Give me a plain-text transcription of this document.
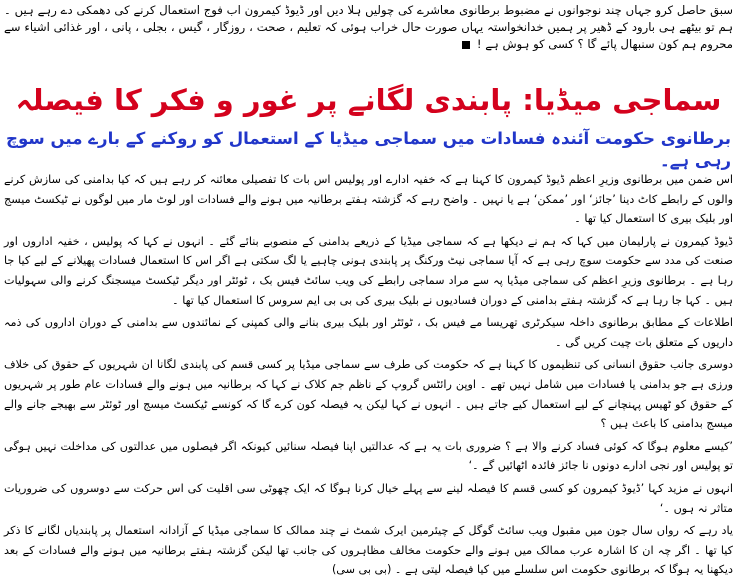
سبق حاصل کرو جہاں چند نوجوانوں نے مضبوط برطانوی معاشرے کی چولیں ہلا دیں اور ڈیوڈ کیمرون اب فوج استعمال کرنے کی دھمکی دے رہے ہیں ۔ ہم تو بیٹھے ہی بارود کے ڈھیر پر ہمیں خدانخواستہ یہاں صورت حال خراب ہوئی کہ تعلیم ، صحت ، روزگار ، گیس ، بجلی ، پانی ، اور غذائی اشیاء سے محروم ہم کون سنبھال پائے گا ؟ کسی کو ہوش ہے !
سماجی میڈیا: پابندی لگانے پر غور و فکر کا فیصلہ
برطانوی حکومت آئندہ فسادات میں سماجی میڈیا کے استعمال کو روکنے کے بارے میں سوچ رہی ہے۔

اس ضمن میں برطانوی وزیرِ اعظم ڈیوڈ کیمرون کا کہنا ہے کہ خفیہ ادارے اور پولیس اس بات کا تفصیلی معائنہ کر رہے ہیں کہ کیا بدامنی کی سازش کرنے والوں کے رابطے کاٹ دینا ’جائز‘ اور ’ممکن‘ ہے یا نہیں ۔ واضح رہے کہ گزشتہ ہفتے برطانیہ میں ہونے والے فسادات اور لوٹ مار میں لوگوں نے ٹیکسٹ میسج اور بلیک بیری کا استعمال کیا تھا ۔

ڈیوڈ کیمرون نے پارلیمان میں کہا کہ ہم نے دیکھا ہے کہ سماجی میڈیا کے ذریعے بدامنی کے منصوبے بنائے گئے ۔ انہوں نے کہا کہ پولیس ، خفیہ اداروں اور صنعت کی مدد سے حکومت سوچ رہی ہے کہ آیا سماجی نیٹ ورکنگ پر پابندی ہونی چاہیے یا لگ سکتی ہے اگر اس کا استعمال فسادات پھیلانے کے لیے کیا جا رہا ہے ۔ برطانوی وزیرِ اعظم کی سماجی میڈیا پہ سے مراد سماجی رابطے کی ویب سائٹ فیس بک ، ٹوئٹر اور دیگر ٹیکسٹ میسجنگ کرنے والی سہولیات ہیں ۔ کہا جا رہا ہے کہ گزشتہ ہفتے بدامنی کے دوران فسادیوں نے بلیک بیری کی بی بی ایم سروس کا استعمال کیا تھا ۔

اطلاعات کے مطابق برطانوی داخلہ سیکرٹری تھریسا مے فیس بک ، ٹوئٹر اور بلیک بیری بنانے والی کمپنی کے نمائندوں سے بدامنی کے دوران اداروں کی ذمہ داریوں کے متعلق بات چیت کریں گی ۔

دوسری جانب حقوق انسانی کی تنظیموں کا کہنا ہے کہ حکومت کی طرف سے سماجی میڈیا پر کسی قسم کی پابندی لگانا ان شہریوں کے حقوق کی خلاف ورزی ہے جو بدامنی یا فسادات میں شامل نہیں تھے ۔ اوپن رائٹس گروپ کے ناظم جم کلاک نے کہا کہ برطانیہ میں ہونے والے فسادات عام طور پر شہریوں کے حقوق کو ٹھیس پہنچانے کے لیے استعمال کیے جاتے ہیں ۔ انہوں نے کہا لیکن یہ فیصلہ کون کرے گا کہ کونسے ٹیکسٹ میسج اور ٹوئٹر سے بھیجے جانے والے میسج بدامنی کا باعث ہیں ؟

’کیسے معلوم ہوگا کہ کوئی فساد کرنے والا ہے ؟ ضروری بات یہ ہے کہ عدالتیں اپنا فیصلہ سنائیں کیونکہ اگر فیصلوں میں عدالتوں کی مداخلت نہیں ہوگی تو پولیس اور نجی ادارے دونوں نا جائز فائدہ اٹھائیں گے ۔‘

انہوں نے مزید کہا ’ڈیوڈ کیمرون کو کسی قسم کا فیصلہ لینے سے پہلے خیال کرنا ہوگا کہ ایک چھوٹی سی اقلیت کی اس حرکت سے دوسروں کی ضروریات متاثر نہ ہوں ۔‘

یاد رہے کہ رواں سال جون میں مقبول ویب سائٹ گوگل کے چیئرمین ایرک شمٹ نے چند ممالک کا سماجی میڈیا کے آزادانہ استعمال پر پابندیاں لگانے کا ذکر کیا تھا ۔ اگر چہ ان کا اشارہ عرب ممالک میں ہونے والے حکومت مخالف مظاہروں کی جانب تھا لیکن گزشتہ ہفتے برطانیہ میں ہونے والے فسادات کے بعد دیکھنا یہ ہوگا کہ برطانوی حکومت اس سلسلے میں کیا فیصلہ لیتی ہے ۔ (بی بی سی)
